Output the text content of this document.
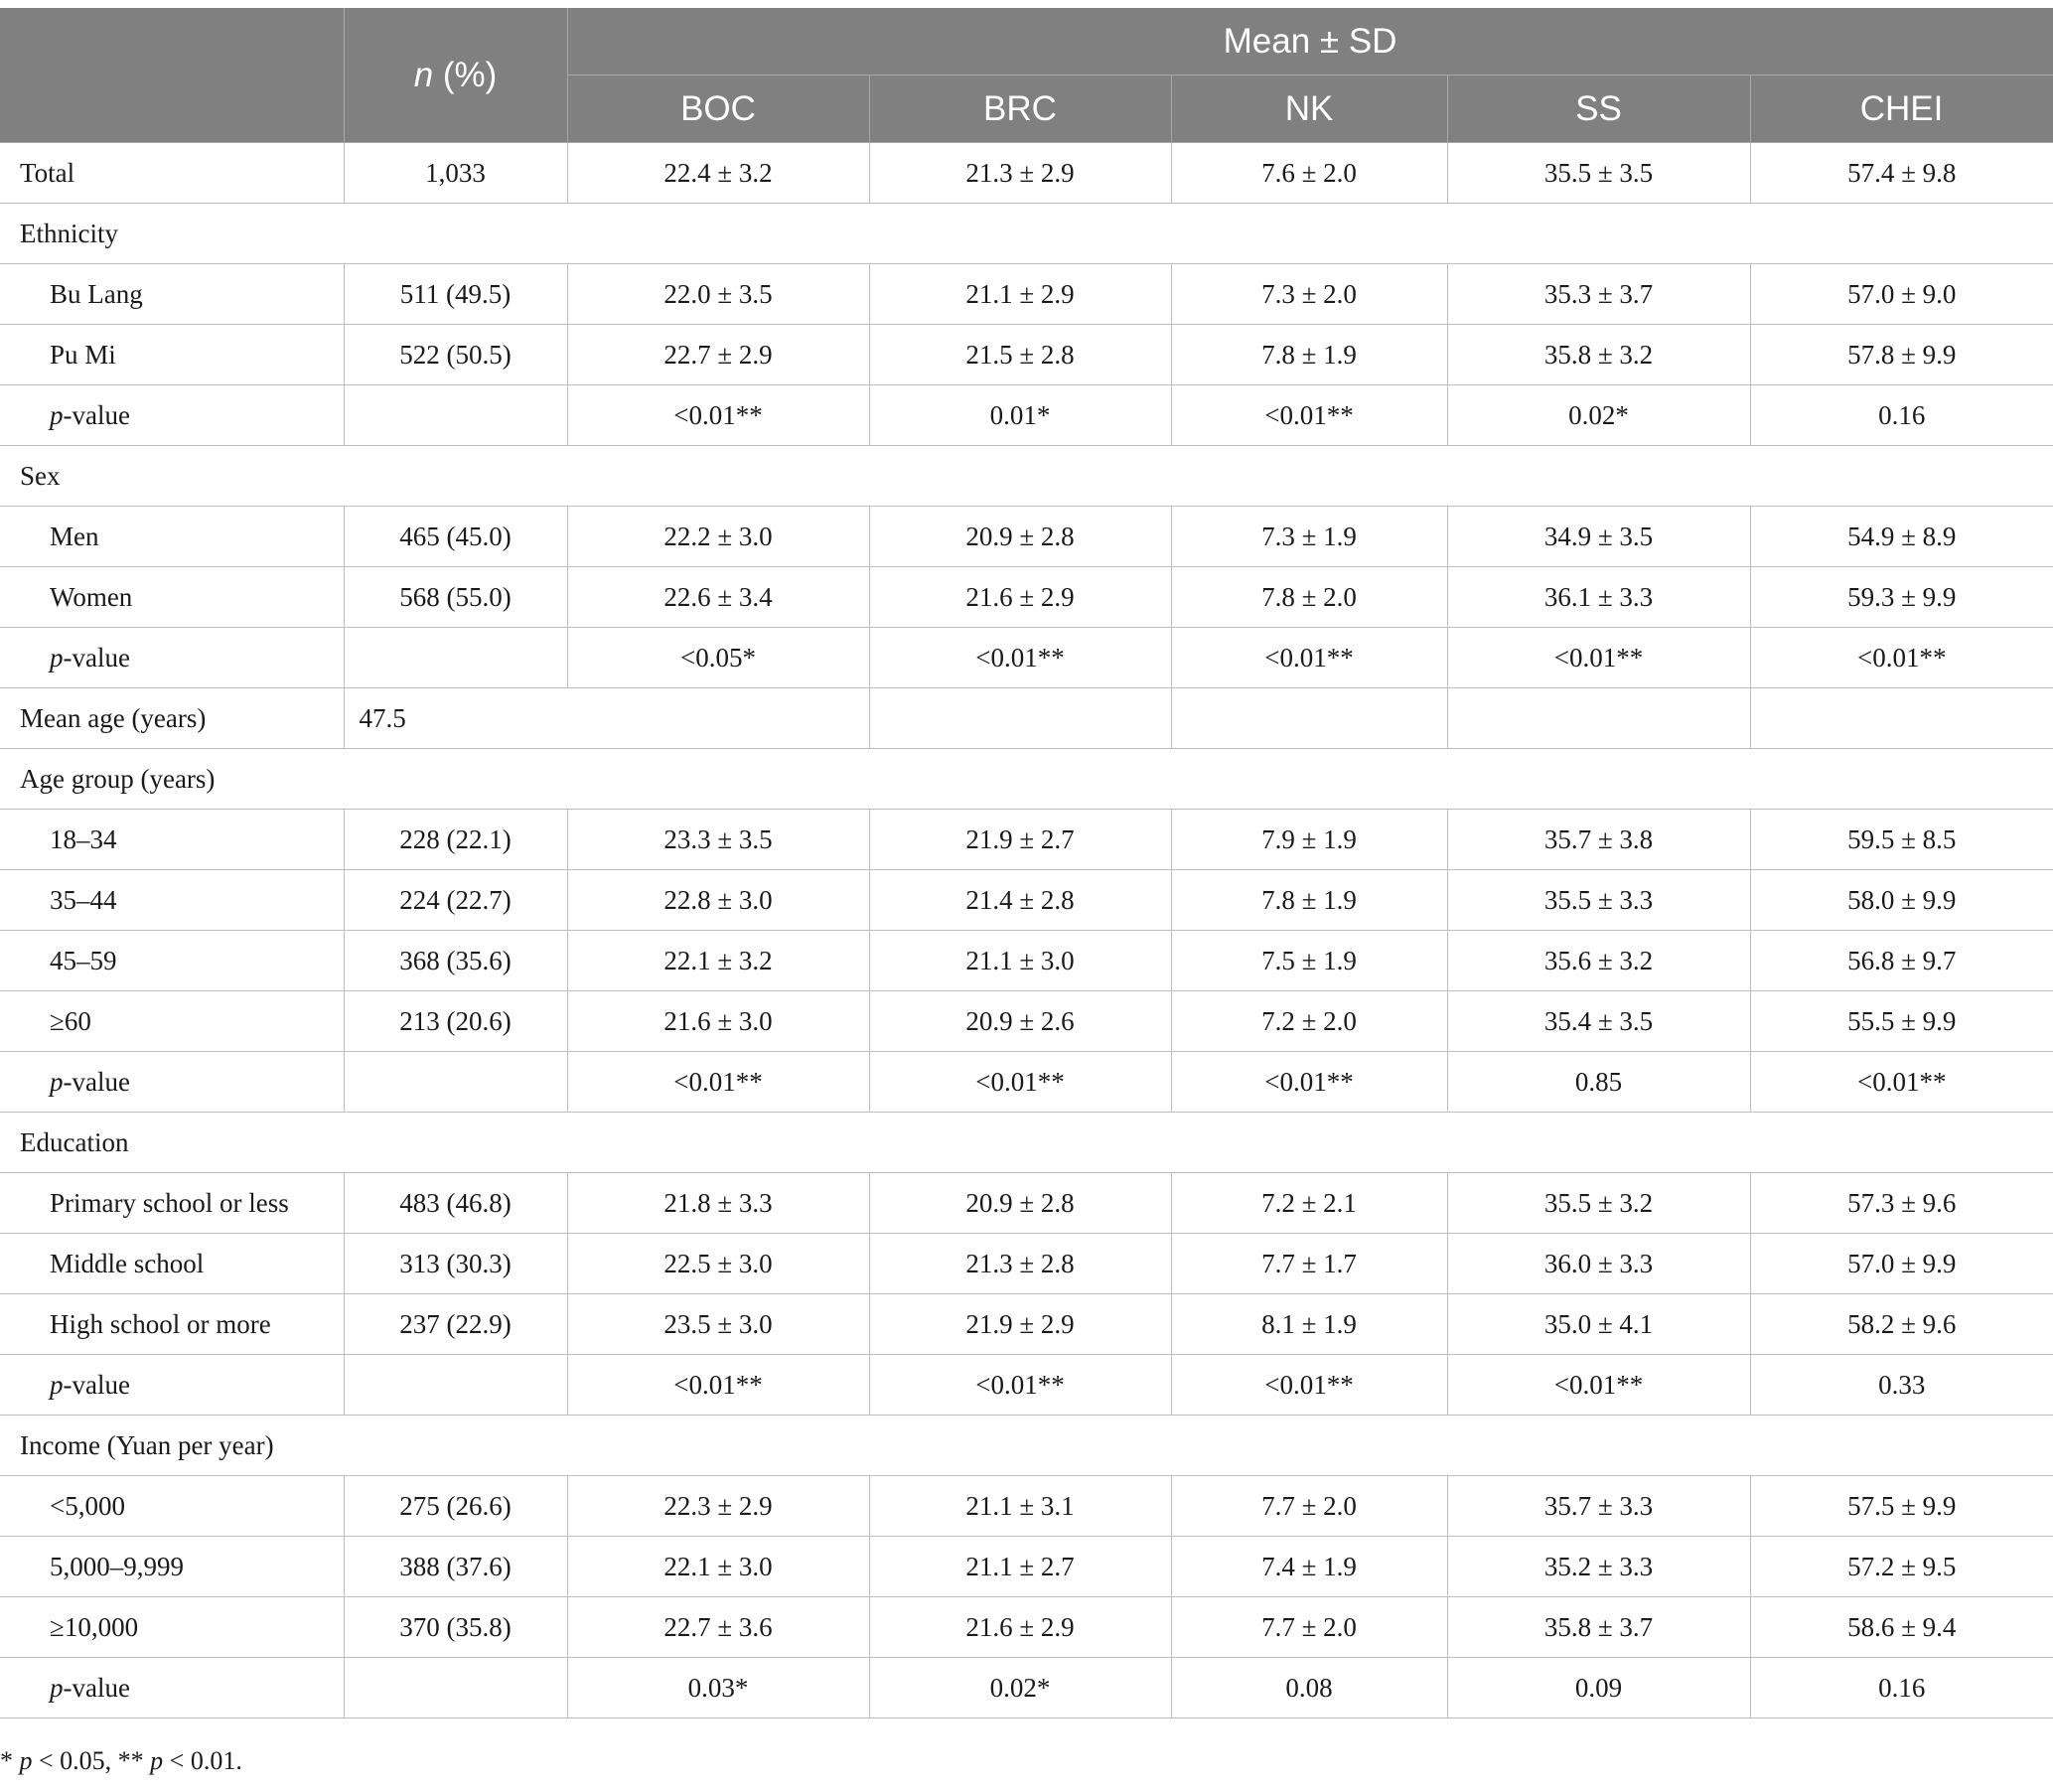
	n (%)	Mean ± SD				
		BOC	BRC	NK	SS	CHEI
Total	1,033	22.4 ± 3.2	21.3 ± 2.9	7.6 ± 2.0	35.5 ± 3.5	57.4 ± 9.8
Ethnicity						
Bu Lang	511 (49.5)	22.0 ± 3.5	21.1 ± 2.9	7.3 ± 2.0	35.3 ± 3.7	57.0 ± 9.0
Pu Mi	522 (50.5)	22.7 ± 2.9	21.5 ± 2.8	7.8 ± 1.9	35.8 ± 3.2	57.8 ± 9.9
p-value		<0.01**	0.01*	<0.01**	0.02*	0.16
Sex						
Men	465 (45.0)	22.2 ± 3.0	20.9 ± 2.8	7.3 ± 1.9	34.9 ± 3.5	54.9 ± 8.9
Women	568 (55.0)	22.6 ± 3.4	21.6 ± 2.9	7.8 ± 2.0	36.1 ± 3.3	59.3 ± 9.9
p-value		<0.05*	<0.01**	<0.01**	<0.01**	<0.01**
Mean age (years)	47.5					
Age group (years)						
18–34	228 (22.1)	23.3 ± 3.5	21.9 ± 2.7	7.9 ± 1.9	35.7 ± 3.8	59.5 ± 8.5
35–44	224 (22.7)	22.8 ± 3.0	21.4 ± 2.8	7.8 ± 1.9	35.5 ± 3.3	58.0 ± 9.9
45–59	368 (35.6)	22.1 ± 3.2	21.1 ± 3.0	7.5 ± 1.9	35.6 ± 3.2	56.8 ± 9.7
≥60	213 (20.6)	21.6 ± 3.0	20.9 ± 2.6	7.2 ± 2.0	35.4 ± 3.5	55.5 ± 9.9
p-value		<0.01**	<0.01**	<0.01**	0.85	<0.01**
Education						
Primary school or less	483 (46.8)	21.8 ± 3.3	20.9 ± 2.8	7.2 ± 2.1	35.5 ± 3.2	57.3 ± 9.6
Middle school	313 (30.3)	22.5 ± 3.0	21.3 ± 2.8	7.7 ± 1.7	36.0 ± 3.3	57.0 ± 9.9
High school or more	237 (22.9)	23.5 ± 3.0	21.9 ± 2.9	8.1 ± 1.9	35.0 ± 4.1	58.2 ± 9.6
p-value		<0.01**	<0.01**	<0.01**	<0.01**	0.33
Income (Yuan per year)						
<5,000	275 (26.6)	22.3 ± 2.9	21.1 ± 3.1	7.7 ± 2.0	35.7 ± 3.3	57.5 ± 9.9
5,000–9,999	388 (37.6)	22.1 ± 3.0	21.1 ± 2.7	7.4 ± 1.9	35.2 ± 3.3	57.2 ± 9.5
≥10,000	370 (35.8)	22.7 ± 3.6	21.6 ± 2.9	7.7 ± 2.0	35.8 ± 3.7	58.6 ± 9.4
p-value		0.03*	0.02*	0.08	0.09	0.16
* p < 0.05, ** p < 0.01.
